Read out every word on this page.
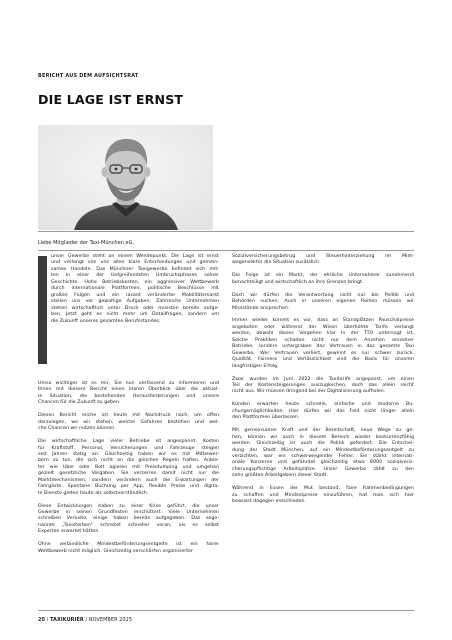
BERICHT AUS DEM AUFSICHTSRAT
DIE LAGE IST ERNST
Liebe Mitglieder der Taxi-München eG,

unser Gewerbe steht an einem Wendepunkt. Die Lage ist ernst
und verlangt von uns allen klare Entscheidungen und gemein-
sames Handeln. Das Münchner Taxigewerbe befindet sich mit-
ten in einer der tiefgreifendsten Umbruchsphasen seiner
Geschichte. Hohe Betriebskosten, ein aggressiver Wettbewerb
durch internationale Plattformen, politische Beschlüsse mit
großen Folgen und ein rasant veränderter Mobilitätsmarkt
stellen uns vor gewaltige Aufgaben. Zahlreiche Unternehmen
stehen wirtschaftlich unter Druck oder mussten bereits aufge-
ben. Jetzt geht es nicht mehr um Detailfragen, sondern um
die Zukunft unseres gesamten Berufsstandes.

Umso wichtiger ist es mir, Sie nun umfassend zu informieren und
Ihnen mit diesem Bericht einen klaren Überblick über die aktuel-
le Situation, die bestehenden Herausforderungen und unsere
Chancen für die Zukunft zu geben.

Diesen Bericht reiche ich heute mit Nachdruck nach, um offen
darzulegen, wo wir stehen, welche Gefahren bestehen und wel-
che Chancen wir nutzen können.

Die wirtschaftliche Lage vieler Betriebe ist angespannt. Kosten
für Kraftstoff, Personal, Versicherungen und Fahrzeuge steigen
seit Jahren stetig an. Gleichzeitig haben wir es mit Mitbewer-
bern zu tun, die sich nicht an die gleichen Regeln halten. Anbie-
ter wie Uber oder Bolt agieren mit Preisdumping und umgehen
gezielt gesetzliche Vorgaben. Sie verzerren damit nicht nur die
Marktmechanismen, sondern verändern auch die Erwartungen der
Fahrgäste. Spontane Buchung per App, flexible Preise und digita-
le Dienste gelten heute als selbstverständlich.

Diese Entwicklungen haben zu einer Krise geführt, die unser
Gewerbe in seinen Grundfesten erschüttert. Viele Unternehmen
schreiben Verluste, einige haben bereits aufgegeben. Das soge-
nannte „Taxisterben" schreitet schneller voran, als es selbst
Experten erwartet hätten.

Ohne verbindliche Mindestbeförderungsentgelte ist ein fairer
Wettbewerb nicht möglich. Gleichzeitig verschärfen organisierter

Sozialversicherungsbetrug und Steuerhinterziehung im Miet-
wagensektor die Situation zusätzlich.

Die Folge ist ein Markt, der ehrliche Unternehmer zunehmend
benachteiligt und wirtschaftlich an ihre Grenzen bringt.

Doch wir dürfen die Verantwortung nicht nur bei Politik und
Behörden suchen. Auch in unseren eigenen Reihen müssen wir
Missstände ansprechen.

Immer wieder kommt es vor, dass an Standplätzen Pauschalpreise
angeboten oder während der Wiesn überhöhte Tarife verlangt
werden, obwohl dieses Vorgehen klar in der TTO untersagt ist.
Solche Praktiken schaden nicht nur dem Ansehen einzelner
Betriebe, sondern untergraben das Vertrauen in das gesamte Taxi
Gewerbe. Wer Vertrauen verliert, gewinnt es nur schwer zurück.
Qualität, Fairness und Verlässlichkeit sind die Basis für unseren
langfristigen Erfolg.

Zwar wurden im Juni 2022 die Taxitarife angepasst, um einen
Teil der Kostensteigerungen auszugleichen, doch das allein reicht
nicht aus. Wir müssen dringend bei der Digitalisierung aufholen.

Kunden erwarten heute schnelle, einfache und moderne Bu-
chungsmöglichkeiten. Hier dürfen wir das Feld nicht länger allein
den Plattformen überlassen.

Mit gemeinsamer Kraft und der Bereitschaft, neue Wege zu ge-
hen, können wir auch in diesem Bereich wieder konkurrenzfähig
werden. Gleichzeitig ist auch die Politik gefordert. Die Entschei-
dung der Stadt München, auf ein Mindestbeförderungsentgelt zu
verzichten, war ein schwerwiegender Fehler. Sie stärkt internati-
onale Konzerne und gefährdet gleichzeitig etwa 6000 sozialversi-
cherungspflichtige Arbeitsplätze. Unser Gewerbe zählt zu den
zehn größten Arbeitgebern dieser Stadt.

Während in Essen der Mut bestand, faire Rahmenbedingungen
zu schaffen und Mindestpreise einzuführen, hat man sich hier
bewusst dagegen entschieden.

20 / TAXIKURIER / NOVEMBER 2025
